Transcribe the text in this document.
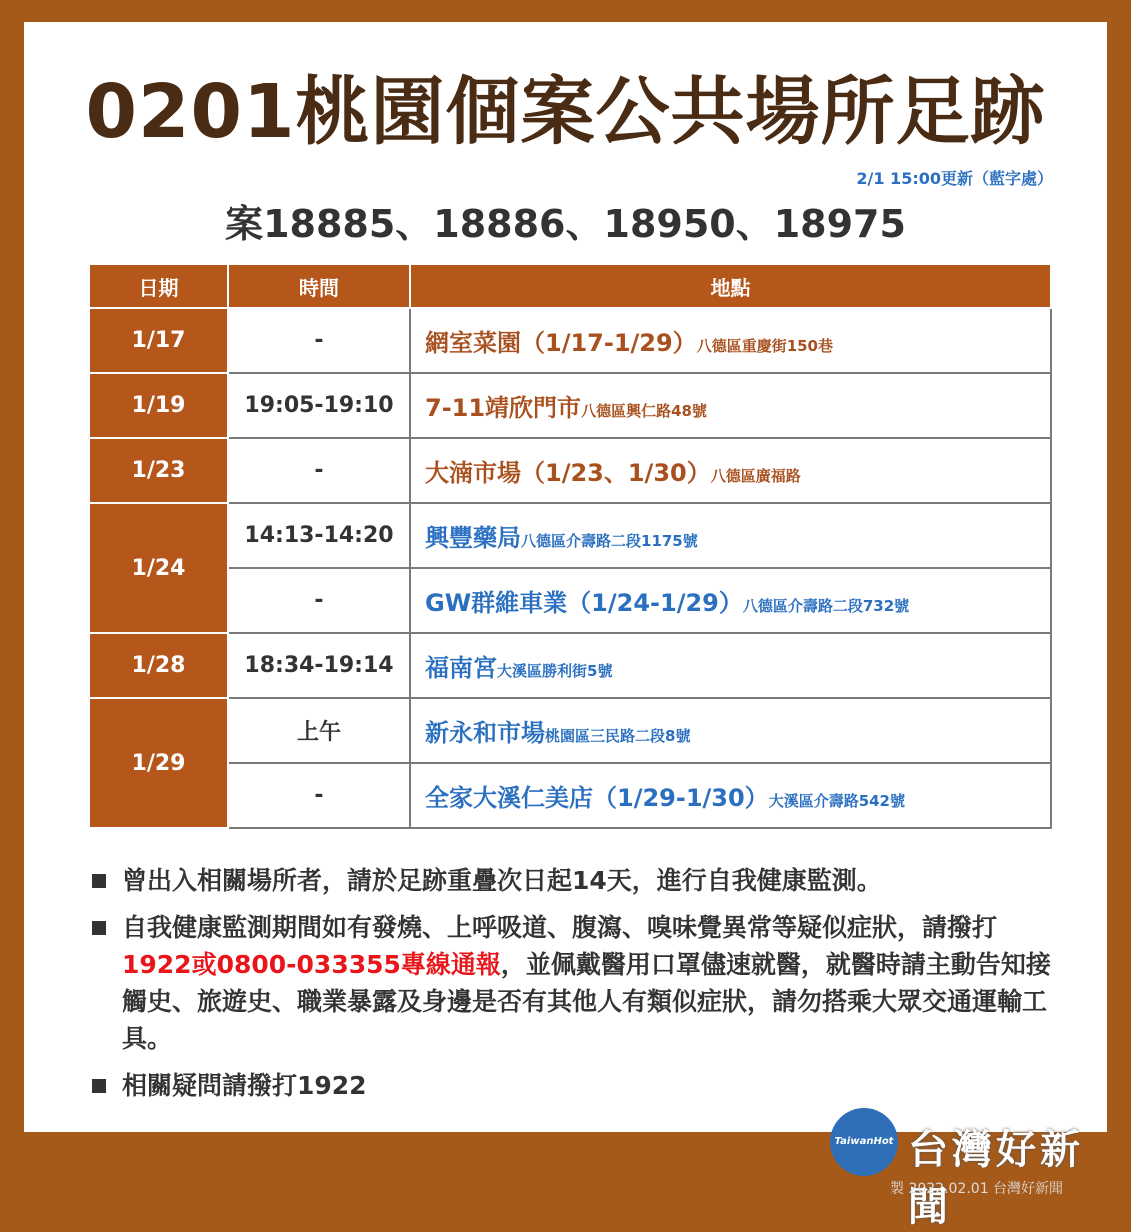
0201桃園個案公共場所足跡
2/1 15:00更新（藍字處）
案18885、18886、18950、18975
日期	時間	地點
1/17	-	網室菜園（1/17-1/29）八德區重慶街150巷
1/19	19:05-19:10	7-11靖欣門市八德區興仁路48號
1/23	-	大湳市場（1/23、1/30）八德區廣福路
1/24	14:13-14:20	興豐藥局八德區介壽路二段1175號
	-	GW群維車業（1/24-1/29）八德區介壽路二段732號
1/28	18:34-19:14	福南宮大溪區勝利街5號
1/29	上午	新永和市場桃園區三民路二段8號
	-	全家大溪仁美店（1/29-1/30）大溪區介壽路542號
曾出入相關場所者，請於足跡重疊次日起14天，進行自我健康監測。
自我健康監測期間如有發燒、上呼吸道、腹瀉、嗅味覺異常等疑似症狀，請撥打1922或0800-033355專線通報，並佩戴醫用口罩儘速就醫，就醫時請主動告知接觸史、旅遊史、職業暴露及身邊是否有其他人有類似症狀，請勿搭乘大眾交通運輸工具。
相關疑問請撥打1922
TaiwanHot 台灣好新聞
製 2022.02.01 台灣好新聞
